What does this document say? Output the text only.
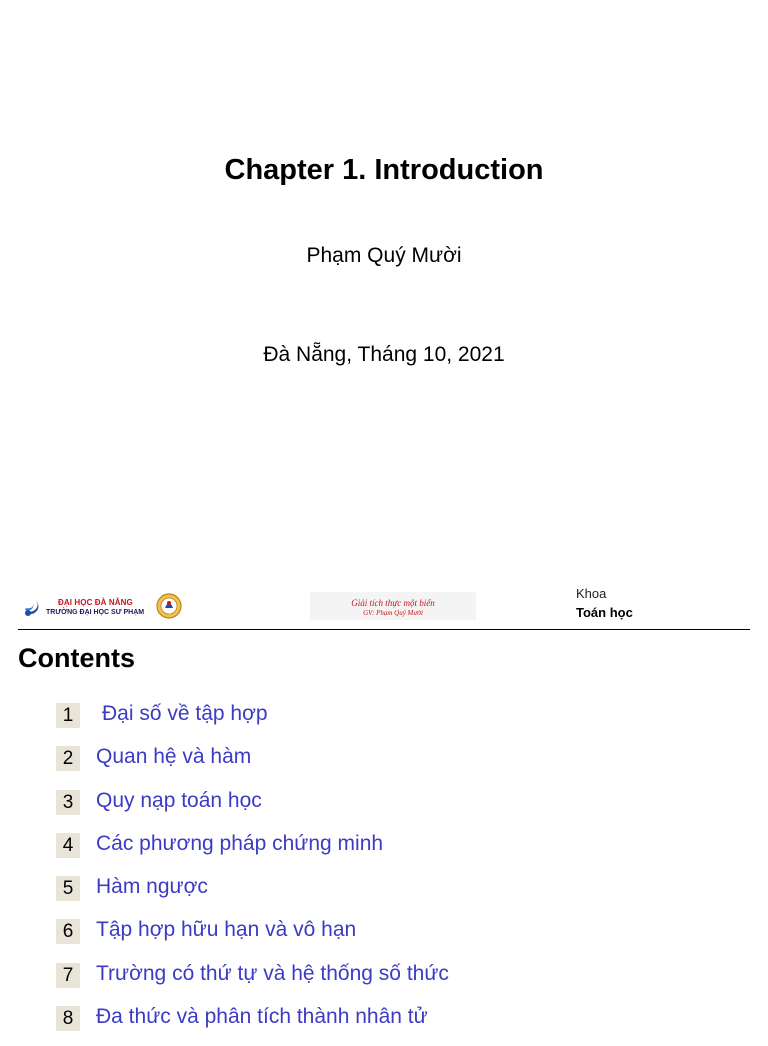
Chapter 1. Introduction
Phạm Quý Mười
Đà Nẵng, Tháng 10, 2021
ĐẠI HỌC ĐÀ NẴNG
TRƯỜNG ĐẠI HỌC SƯ PHẠM
Giải tích thực một biến
GV: Phạm Quý Mười
Khoa
Toán học
Contents
1	Đại số về tập hợp
2	Quan hệ và hàm
3	Quy nạp toán học
4	Các phương pháp chứng minh
5	Hàm ngược
6	Tập hợp hữu hạn và vô hạn
7	Trường có thứ tự và hệ thống số thức
8	Đa thức và phân tích thành nhân tử
